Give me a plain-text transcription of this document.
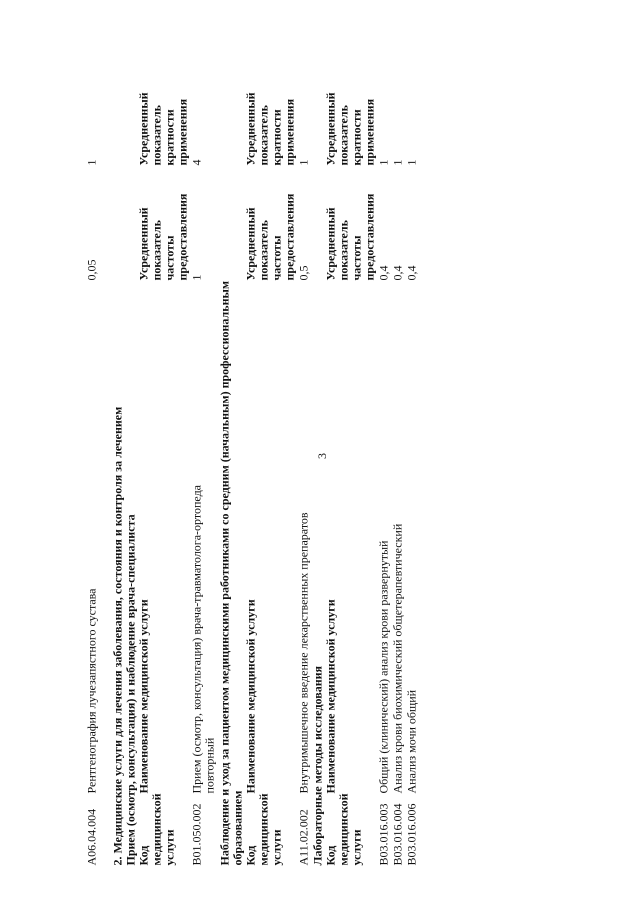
3
A06.04.004
Рентгенография лучезапястного сустава
0,05
1
2. Медицинские услуги для лечения заболевания, состояния и контроля за лечением Прием (осмотр, консультация) и наблюдение врача-специалиста Код медицинской услуги
Наименование медицинской услуги
Усредненный показатель частоты предоставления
Усредненный показатель кратности применения
B01.050.002
Прием (осмотр, консультация) врача-травматолога-ортопеда повторный
1
4
Наблюдение и уход за пациентом медицинскими работниками со средним (начальным) профессиональным образованием Код медицинской услуги
Наименование медицинской услуги
Усредненный показатель частоты предоставления
Усредненный показатель кратности применения
A11.02.002
Внутримышечное введение лекарственных препаратов
0,5
1
Лабораторные методы исследования Код медицинской услуги
Наименование медицинской услуги
Усредненный показатель частоты предоставления
Усредненный показатель кратности применения
B03.016.003
Общий (клинический) анализ крови развернутый
0,4
1
B03.016.004
Анализ крови биохимический общетерапевтический
0,4
1
B03.016.006
Анализ мочи общий
0,4
1
